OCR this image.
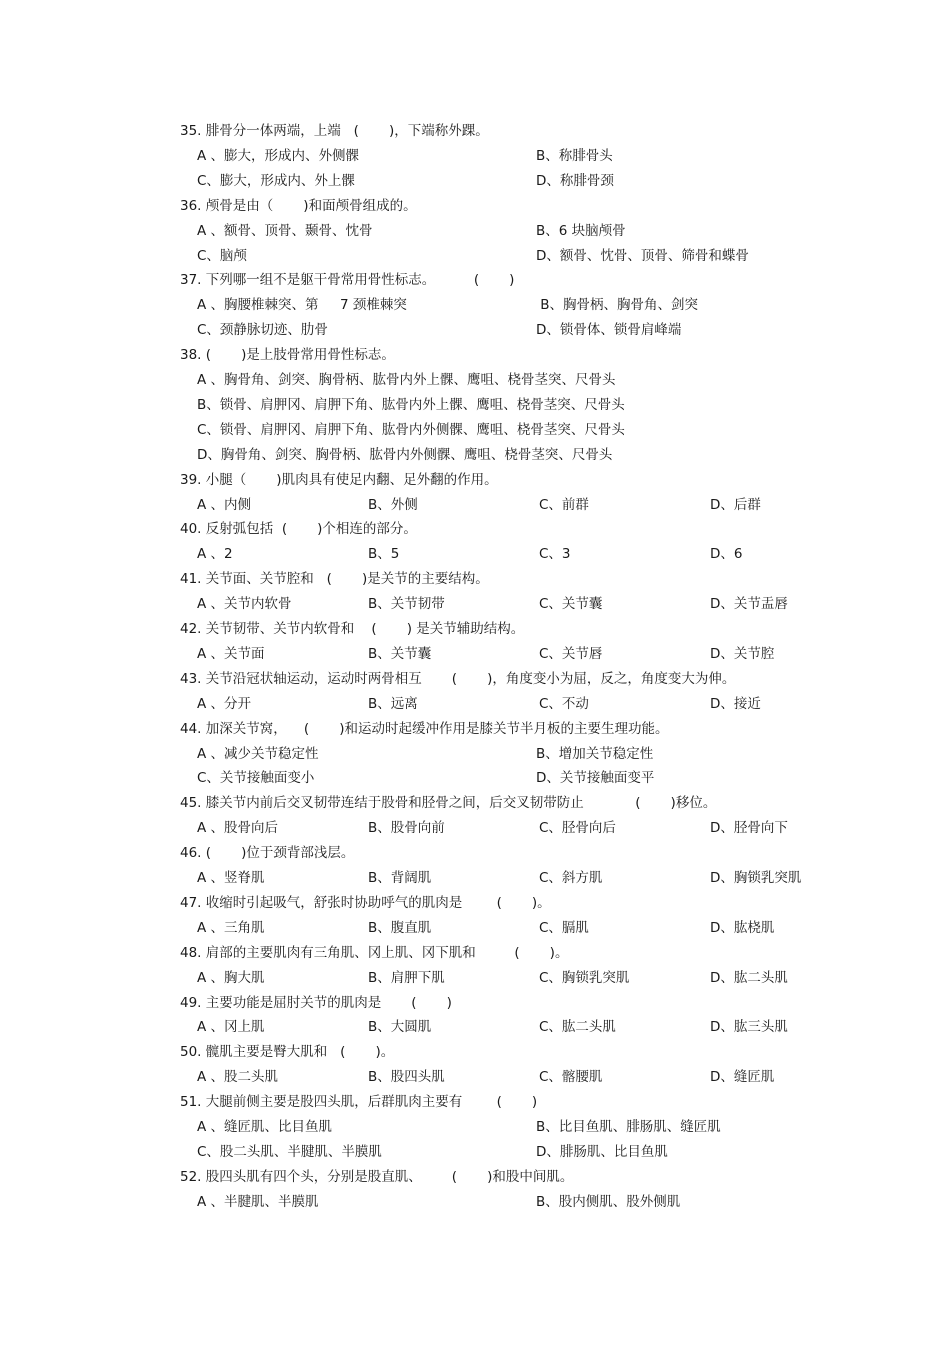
35. 腓骨分一体两端，上端   (       )，下端称外踝。
A 、膨大，形成内、外侧髁	B、称腓骨头
C、膨大，形成内、外上髁	D、称腓骨颈
36. 颅骨是由（       )和面颅骨组成的。
A 、额骨、顶骨、颞骨、忱骨	B、6 块脑颅骨
C、脑颅	D、额骨、忱骨、顶骨、筛骨和蝶骨
37. 下列哪一组不是躯干骨常用骨性标志。         (       )
A 、胸腰椎棘突、第     7 颈椎棘突	B、胸骨柄、胸骨角、剑突
C、颈静脉切迹、肋骨	D、锁骨体、锁骨肩峰端
38. (       )是上肢骨常用骨性标志。
A 、胸骨角、剑突、胸骨柄、肱骨内外上髁、鹰咀、桡骨茎突、尺骨头
B、锁骨、肩胛冈、肩胛下角、肱骨内外上髁、鹰咀、桡骨茎突、尺骨头
C、锁骨、肩胛冈、肩胛下角、肱骨内外侧髁、鹰咀、桡骨茎突、尺骨头
D、胸骨角、剑突、胸骨柄、肱骨内外侧髁、鹰咀、桡骨茎突、尺骨头
39. 小腿（       )肌肉具有使足内翻、足外翻的作用。
A 、内侧	B、外侧	C、前群	D、后群
40. 反射弧包括  (       )个相连的部分。
A 、2	B、5	C、3	D、6
41. 关节面、关节腔和   (       )是关节的主要结构。
A 、关节内软骨	B、关节韧带	C、关节囊	D、关节盂唇
42. 关节韧带、关节内软骨和    (       ) 是关节辅助结构。
A 、关节面	B、关节囊	C、关节唇	D、关节腔
43. 关节沿冠状轴运动，运动时两骨相互       (       )，角度变小为屈，反之，角度变大为伸。
A 、分开	B、远离	C、不动	D、接近
44. 加深关节窝，    (       )和运动时起缓冲作用是膝关节半月板的主要生理功能。
A 、减少关节稳定性	B、增加关节稳定性
C、关节接触面变小	D、关节接触面变平
45. 膝关节内前后交叉韧带连结于股骨和胫骨之间，后交叉韧带防止            (       )移位。
A 、股骨向后	B、股骨向前	C、胫骨向后	D、胫骨向下
46. (       )位于颈背部浅层。
A 、竖脊肌	B、背阔肌	C、斜方肌	D、胸锁乳突肌
47. 收缩时引起吸气，舒张时协助呼气的肌肉是        (       )。
A 、三角肌	B、腹直肌	C、膈肌	D、肱桡肌
48. 肩部的主要肌肉有三角肌、冈上肌、冈下肌和         (       )。
A 、胸大肌	B、肩胛下肌	C、胸锁乳突肌	D、肱二头肌
49. 主要功能是屈肘关节的肌肉是       (       )
A 、冈上肌	B、大圆肌	C、肱二头肌	D、肱三头肌
50. 髋肌主要是臀大肌和   (       )。
A 、股二头肌	B、股四头肌	C、髂腰肌	D、缝匠肌
51. 大腿前侧主要是股四头肌，后群肌肉主要有        (       )
A 、缝匠肌、比目鱼肌	B、比目鱼肌、腓肠肌、缝匠肌
C、股二头肌、半腱肌、半膜肌	D、腓肠肌、比目鱼肌
52. 股四头肌有四个头，分别是股直肌、       (       )和股中间肌。
A 、半腱肌、半膜肌	B、股内侧肌、股外侧肌
